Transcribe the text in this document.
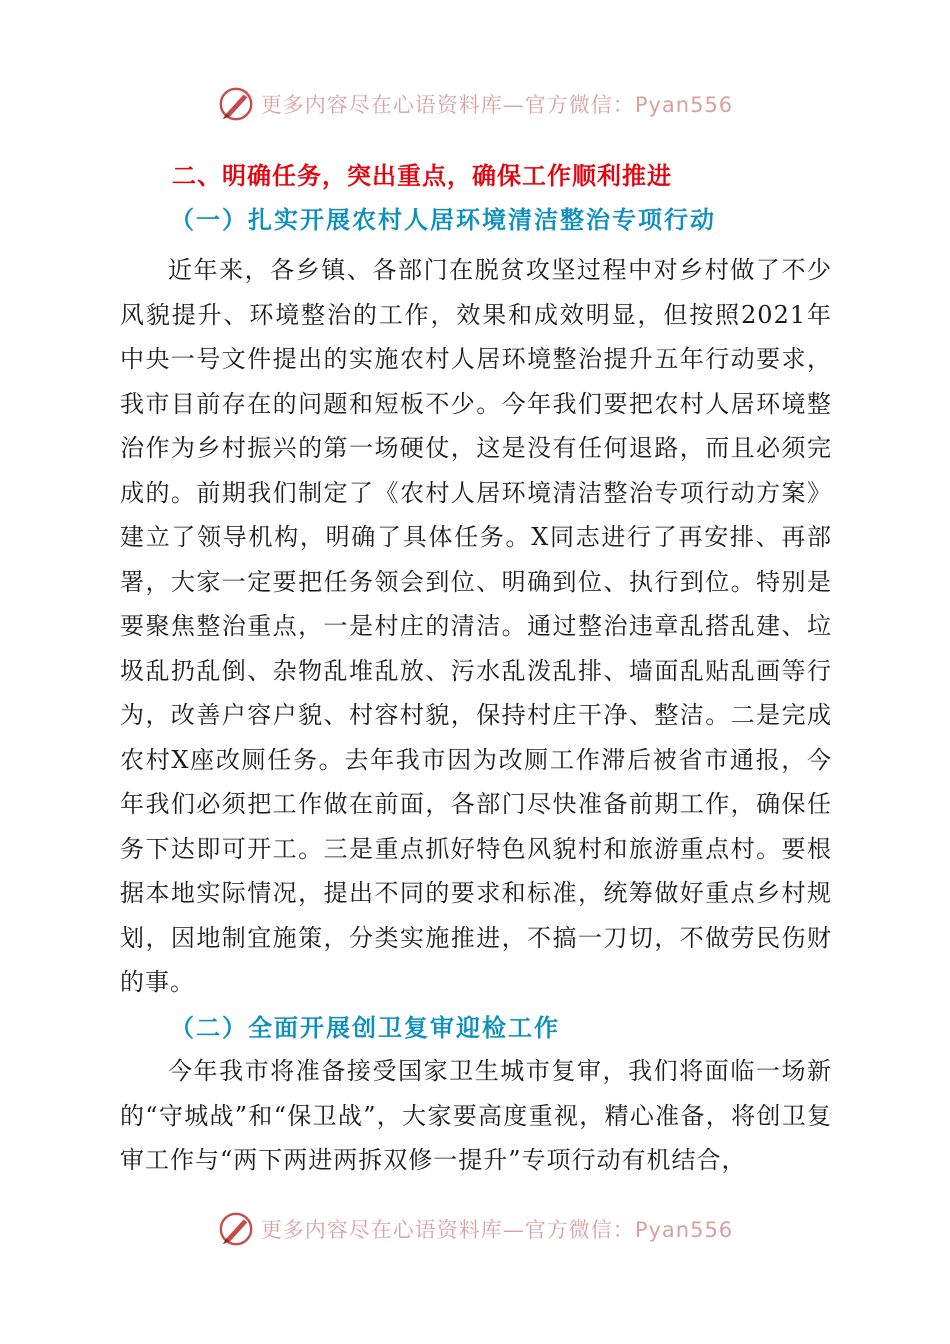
更多内容尽在心语资料库—官方微信：Pyan556
二、明确任务，突出重点，确保工作顺利推进
（一）扎实开展农村人居环境清洁整治专项行动

近年来，各乡镇、各部门在脱贫攻坚过程中对乡村做了不少风貌提升、环境整治的工作，效果和成效明显，但按照2021年中央一号文件提出的实施农村人居环境整治提升五年行动要求，我市目前存在的问题和短板不少。今年我们要把农村人居环境整治作为乡村振兴的第一场硬仗，这是没有任何退路，而且必须完成的。前期我们制定了《农村人居环境清洁整治专项行动方案》建立了领导机构，明确了具体任务。X同志进行了再安排、再部署，大家一定要把任务领会到位、明确到位、执行到位。特别是要聚焦整治重点，一是村庄的清洁。通过整治违章乱搭乱建、垃圾乱扔乱倒、杂物乱堆乱放、污水乱泼乱排、墙面乱贴乱画等行为，改善户容户貌、村容村貌，保持村庄干净、整洁。二是完成农村X座改厕任务。去年我市因为改厕工作滞后被省市通报，今年我们必须把工作做在前面，各部门尽快准备前期工作，确保任务下达即可开工。三是重点抓好特色风貌村和旅游重点村。要根据本地实际情况，提出不同的要求和标准，统筹做好重点乡村规划，因地制宜施策，分类实施推进，不搞一刀切，不做劳民伤财的事。

（二）全面开展创卫复审迎检工作

今年我市将准备接受国家卫生城市复审，我们将面临一场新的“守城战”和“保卫战”，大家要高度重视，精心准备，将创卫复审工作与“两下两进两拆双修一提升”专项行动有机结合，

更多内容尽在心语资料库—官方微信：Pyan556
